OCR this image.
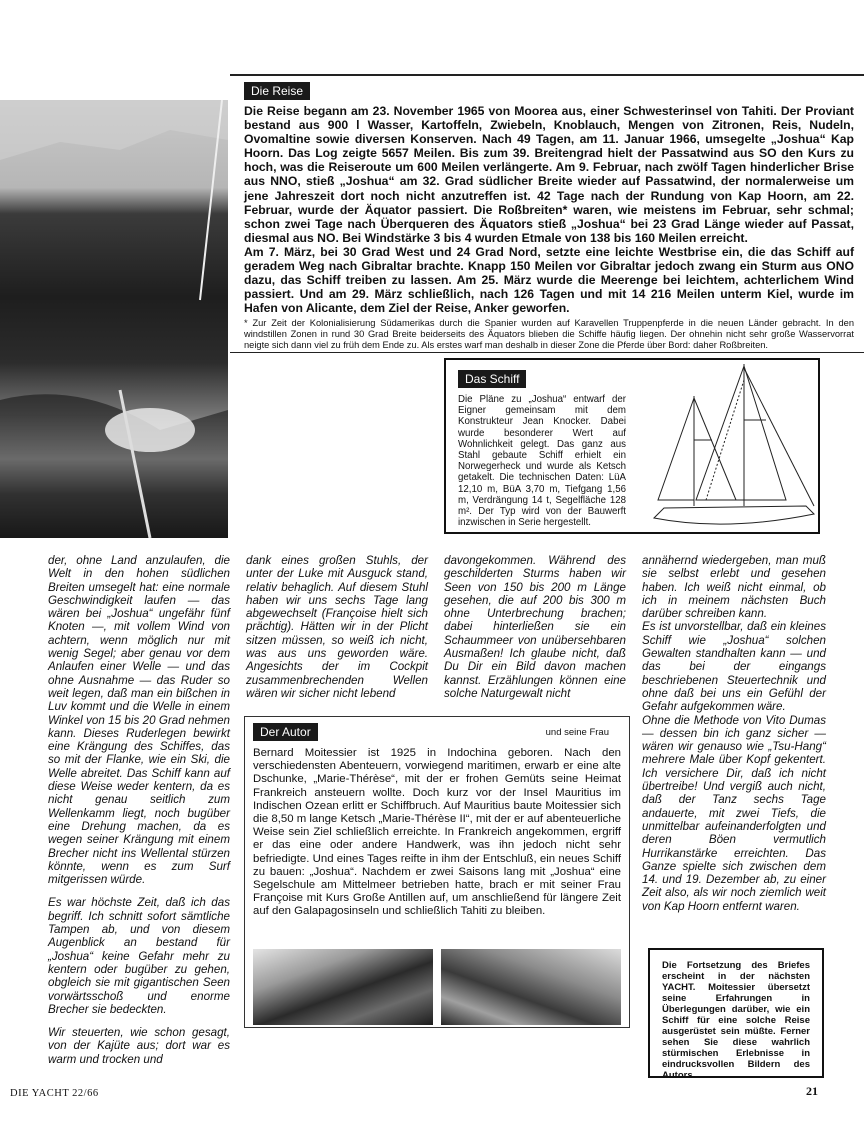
Die Reise

Die Reise begann am 23. November 1965 von Moorea aus, einer Schwesterinsel von Tahiti. Der Proviant bestand aus 900 l Wasser, Kartoffeln, Zwiebeln, Knoblauch, Mengen von Zitronen, Reis, Nudeln, Ovomaltine sowie diversen Konserven. Nach 49 Tagen, am 11. Januar 1966, umsegelte „Joshua“ Kap Hoorn. Das Log zeigte 5657 Meilen. Bis zum 39. Breitengrad hielt der Passatwind aus SO den Kurs zu hoch, was die Reiseroute um 600 Meilen verlängerte. Am 9. Februar, nach zwölf Tagen hinderlicher Brise aus NNO, stieß „Joshua“ am 32. Grad südlicher Breite wieder auf Passatwind, der normalerweise um jene Jahreszeit dort noch nicht anzutreffen ist. 42 Tage nach der Rundung von Kap Hoorn, am 22. Februar, wurde der Äquator passiert. Die Roßbreiten* waren, wie meistens im Februar, sehr schmal; schon zwei Tage nach Überqueren des Äquators stieß „Joshua“ bei 23 Grad Länge wieder auf Passat, diesmal aus NO. Bei Windstärke 3 bis 4 wurden Etmale von 138 bis 160 Meilen erreicht.

Am 7. März, bei 30 Grad West und 24 Grad Nord, setzte eine leichte Westbrise ein, die das Schiff auf geradem Weg nach Gibraltar brachte. Knapp 150 Meilen vor Gibraltar jedoch zwang ein Sturm aus ONO dazu, das Schiff treiben zu lassen. Am 25. März wurde die Meerenge bei leichtem, achterlichem Wind passiert. Und am 29. März schließlich, nach 126 Tagen und mit 14 216 Meilen unterm Kiel, wurde im Hafen von Alicante, dem Ziel der Reise, Anker geworfen.

* Zur Zeit der Kolonialisierung Südamerikas durch die Spanier wurden auf Karavellen Truppenpferde in die neuen Länder gebracht. In den windstillen Zonen in rund 30 Grad Breite beiderseits des Äquators blieben die Schiffe häufig liegen. Der ohnehin nicht sehr große Wasservorrat neigte sich dann viel zu früh dem Ende zu. Als erstes warf man deshalb in dieser Zone die Pferde über Bord: daher Roßbreiten.

Das Schiff

Die Pläne zu „Joshua“ entwarf der Eigner gemeinsam mit dem Konstrukteur Jean Knocker. Dabei wurde besonderer Wert auf Wohnlichkeit gelegt. Das ganz aus Stahl gebaute Schiff erhielt ein Norwegerheck und wurde als Ketsch getakelt. Die technischen Daten: LüA 12,10 m, BüA 3,70 m, Tiefgang 1,56 m, Verdrängung 14 t, Segelfläche 128 m². Der Typ wird von der Bauwerft inzwischen in Serie hergestellt.

der, ohne Land anzulaufen, die Welt in den hohen südlichen Breiten umsegelt hat: eine normale Geschwindigkeit laufen — das wären bei „Joshua“ ungefähr fünf Knoten —, mit vollem Wind von achtern, wenn möglich nur mit wenig Segel; aber genau vor dem Anlaufen einer Welle — und das ohne Ausnahme — das Ruder so weit legen, daß man ein bißchen in Luv kommt und die Welle in einem Winkel von 15 bis 20 Grad nehmen kann. Dieses Ruderlegen bewirkt eine Krängung des Schiffes, das so mit der Flanke, wie ein Ski, die Welle abreitet. Das Schiff kann auf diese Weise weder kentern, da es nicht genau seitlich zum Wellenkamm liegt, noch bugüber eine Drehung machen, da es wegen seiner Krängung mit einem Brecher nicht ins Wellental stürzen könnte, wenn es zum Surf mitgerissen würde.

Es war höchste Zeit, daß ich das begriff. Ich schnitt sofort sämtliche Tampen ab, und von diesem Augenblick an bestand für „Joshua“ keine Gefahr mehr zu kentern oder bugüber zu gehen, obgleich sie mit gigantischen Seen vorwärtsschoß und enorme Brecher sie bedeckten.

Wir steuerten, wie schon gesagt, von der Kajüte aus; dort war es warm und trocken und

dank eines großen Stuhls, der unter der Luke mit Ausguck stand, relativ behaglich. Auf diesem Stuhl haben wir uns sechs Tage lang abgewechselt (Françoise hielt sich prächtig). Hätten wir in der Plicht sitzen müssen, so weiß ich nicht, was aus uns geworden wäre. Angesichts der im Cockpit zusammenbrechenden Wellen wären wir sicher nicht lebend

davongekommen. Während des geschilderten Sturms haben wir Seen von 150 bis 200 m Länge gesehen, die auf 200 bis 300 m ohne Unterbrechung brachen; dabei hinterließen sie ein Schaummeer von unübersehbaren Ausmaßen! Ich glaube nicht, daß Du Dir ein Bild davon machen kannst. Erzählungen können eine solche Naturgewalt nicht

annähernd wiedergeben, man muß sie selbst erlebt und gesehen haben. Ich weiß nicht einmal, ob ich in meinem nächsten Buch darüber schreiben kann.

Es ist unvorstellbar, daß ein kleines Schiff wie „Joshua“ solchen Gewalten standhalten kann — und das bei der eingangs beschriebenen Steuertechnik und ohne daß bei uns ein Gefühl der Gefahr aufgekommen wäre.

Ohne die Methode von Vito Dumas — dessen bin ich ganz sicher — wären wir genauso wie „Tsu-Hang“ mehrere Male über Kopf gekentert. Ich versichere Dir, daß ich nicht übertreibe! Und vergiß auch nicht, daß der Tanz sechs Tage andauerte, mit zwei Tiefs, die unmittelbar aufeinanderfolgten und deren Böen vermutlich Hurrikanstärke erreichten. Das Ganze spielte sich zwischen dem 14. und 19. Dezember ab, zu einer Zeit also, als wir noch ziemlich weit von Kap Hoorn entfernt waren.

Der Autor	und seine Frau

Bernard Moitessier ist 1925 in Indochina geboren. Nach den verschiedensten Abenteuern, vorwiegend maritimen, erwarb er eine alte Dschunke, „Marie-Thérèse“, mit der er frohen Gemüts seine Heimat Frankreich ansteuern wollte. Doch kurz vor der Insel Mauritius im Indischen Ozean erlitt er Schiffbruch. Auf Mauritius baute Moitessier sich die 8,50 m lange Ketsch „Marie-Thérèse II“, mit der er auf abenteuerliche Weise sein Ziel schließlich erreichte. In Frankreich angekommen, ergriff er das eine oder andere Handwerk, was ihn jedoch nicht sehr befriedigte. Und eines Tages reifte in ihm der Entschluß, ein neues Schiff zu bauen: „Joshua“. Nachdem er zwei Saisons lang mit „Joshua“ eine Segelschule am Mittelmeer betrieben hatte, brach er mit seiner Frau Françoise mit Kurs Große Antillen auf, um anschließend für längere Zeit auf den Galapagosinseln und schließlich Tahiti zu bleiben.

Die Fortsetzung des Briefes erscheint in der nächsten YACHT. Moitessier übersetzt seine Erfahrungen in Überlegungen darüber, wie ein Schiff für eine solche Reise ausgerüstet sein müßte. Ferner sehen Sie diese wahrlich stürmischen Erlebnisse in eindrucksvollen Bildern des Autors.

DIE YACHT 22/66	21
